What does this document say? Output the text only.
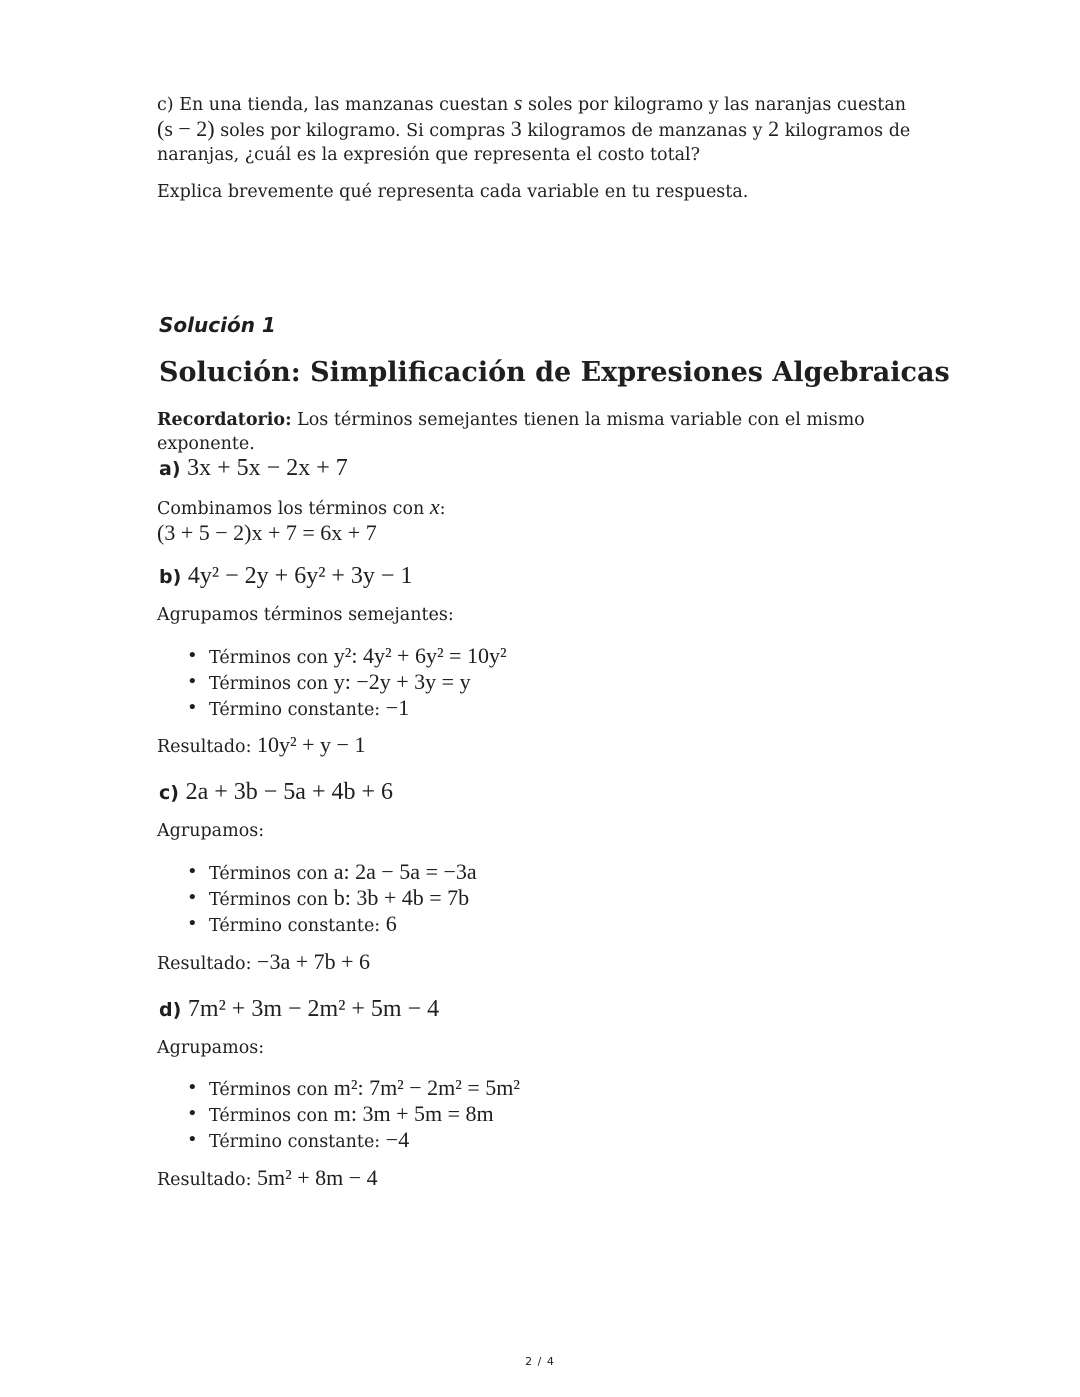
c) En una tienda, las manzanas cuestan s soles por kilogramo y las naranjas cuestan
(s − 2) soles por kilogramo. Si compras 3 kilogramos de manzanas y 2 kilogramos de
naranjas, ¿cuál es la expresión que representa el costo total?

Explica brevemente qué representa cada variable en tu respuesta.

Solución 1
Solución: Simplificación de Expresiones Algebraicas

Recordatorio: Los términos semejantes tienen la misma variable con el mismo exponente.

a) 3x + 5x − 2x + 7

Combinamos los términos con x:
(3 + 5 − 2)x + 7 = 6x + 7

b) 4y² − 2y + 6y² + 3y − 1

Agrupamos términos semejantes:

• Términos con y²: 4y² + 6y² = 10y²
• Términos con y: −2y + 3y = y
• Término constante: −1

Resultado: 10y² + y − 1

c) 2a + 3b − 5a + 4b + 6

Agrupamos:

• Términos con a: 2a − 5a = −3a
• Términos con b: 3b + 4b = 7b
• Término constante: 6

Resultado: −3a + 7b + 6

d) 7m² + 3m − 2m² + 5m − 4

Agrupamos:

• Términos con m²: 7m² − 2m² = 5m²
• Términos con m: 3m + 5m = 8m
• Término constante: −4

Resultado: 5m² + 8m − 4

2 / 4
